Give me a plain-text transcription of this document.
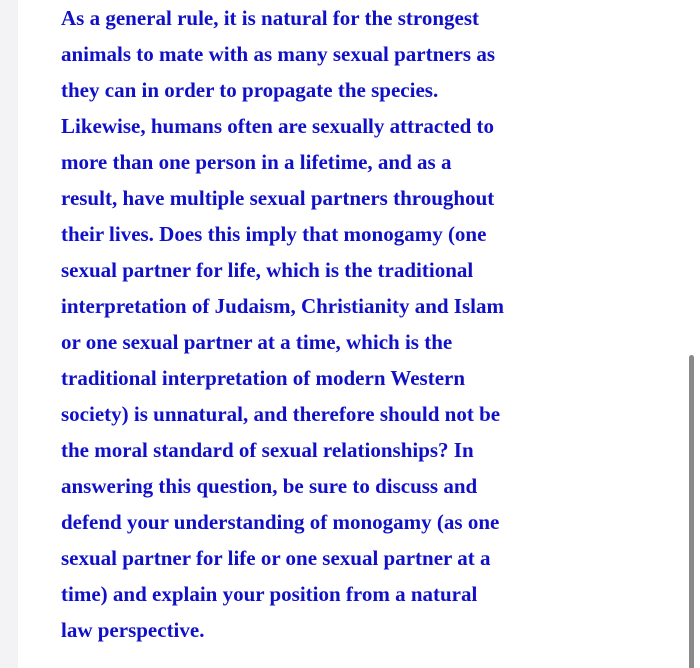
As a general rule, it is natural for the strongest
animals to mate with as many sexual partners as
they can in order to propagate the species.
Likewise, humans often are sexually attracted to
more than one person in a lifetime, and as a
result, have multiple sexual partners throughout
their lives. Does this imply that monogamy (one
sexual partner for life, which is the traditional
interpretation of Judaism, Christianity and Islam
or one sexual partner at a time, which is the
traditional interpretation of modern Western
society) is unnatural, and therefore should not be
the moral standard of sexual relationships? In
answering this question, be sure to discuss and
defend your understanding of monogamy (as one
sexual partner for life or one sexual partner at a
time) and explain your position from a natural
law perspective.
